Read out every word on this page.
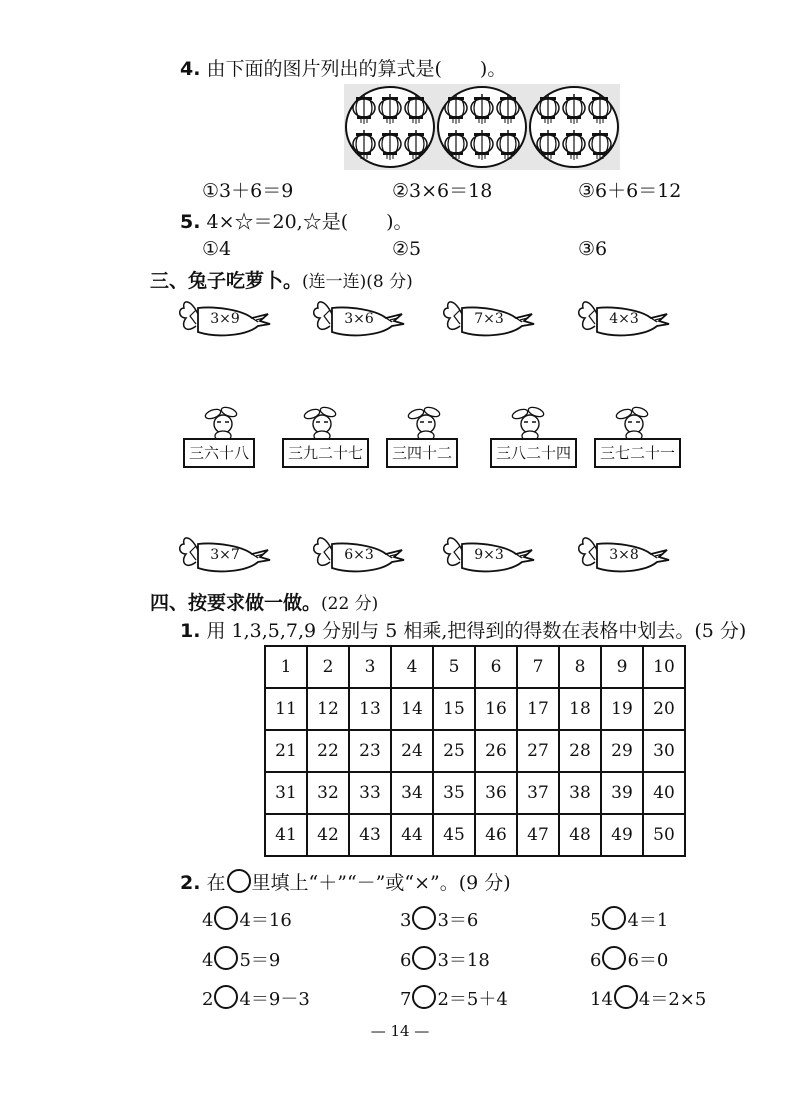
4. 由下面的图片列出的算式是(　　)。
①3＋6＝9	②3×6＝18	③6＋6＝12
5. 4×☆＝20,☆是(　　)。
①4	②5	③6
三、兔子吃萝卜。(连一连)(8 分)
3×9	3×6	7×3	4×3
三六十八	三九二十七	三四十二	三八二十四	三七二十一
3×7	6×3	9×3	3×8
四、按要求做一做。(22 分)
1. 用 1,3,5,7,9 分别与 5 相乘,把得到的得数在表格中划去。(5 分)
1	2	3	4	5	6	7	8	9	10
11	12	13	14	15	16	17	18	19	20
21	22	23	24	25	26	27	28	29	30
31	32	33	34	35	36	37	38	39	40
41	42	43	44	45	46	47	48	49	50
2. 在 里填上“＋”“－”或“×”。(9 分)
4 4＝16	3 3＝6	5 4＝1
4 5＝9	6 3＝18	6 6＝0
2 4＝9－3	7 2＝5＋4	14 4＝2×5
— 14 —
